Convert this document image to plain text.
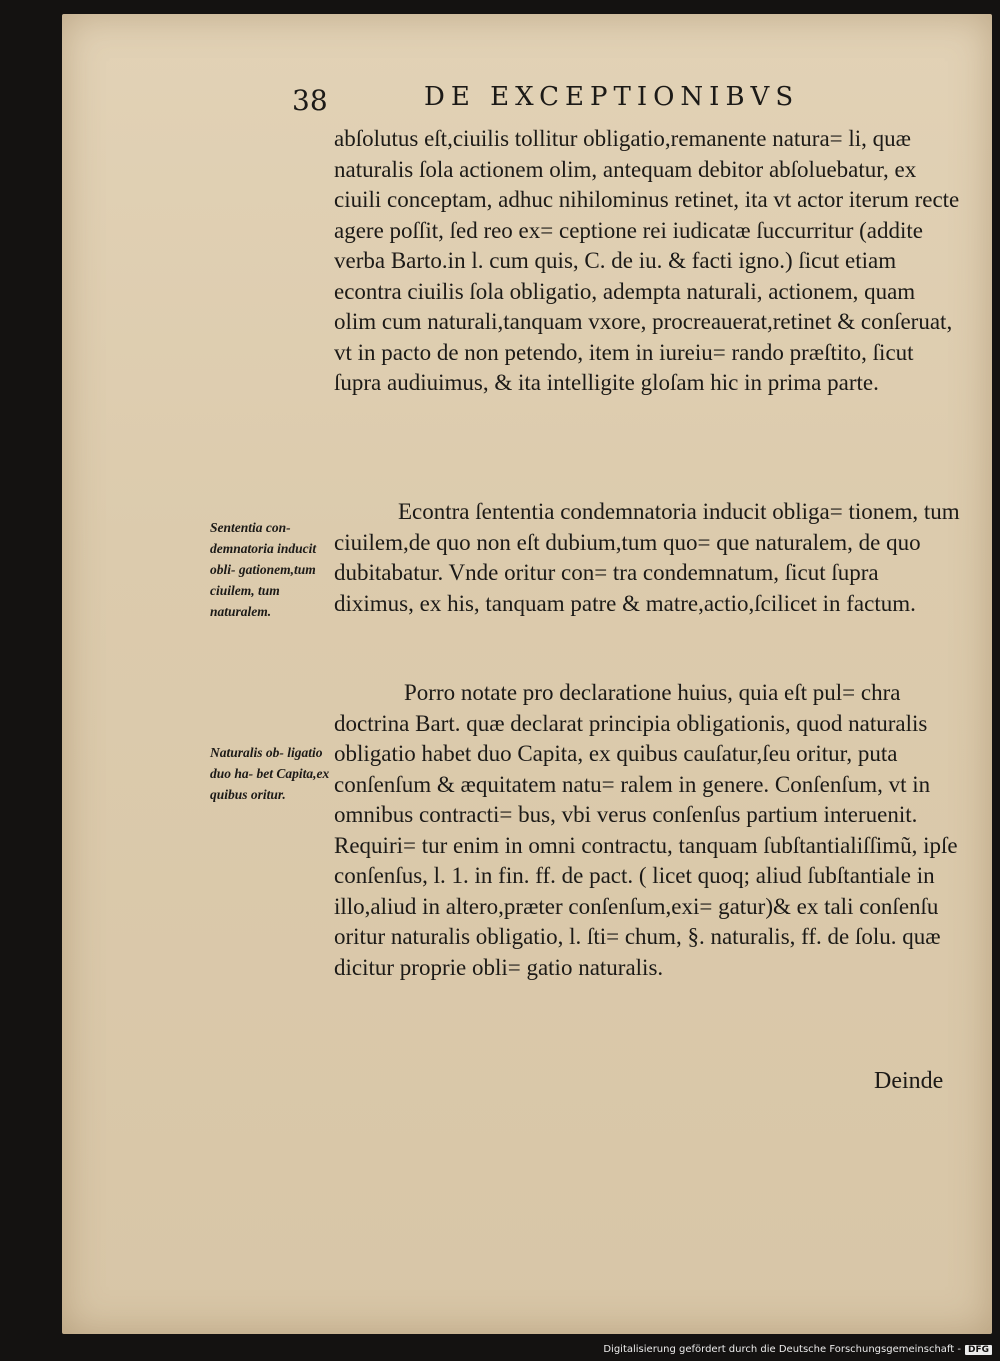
38	DE EXCEPTIONIBVS

abſolutus eſt,ciuilis tollitur obligatio,remanente natura= li, quæ naturalis ſola actionem olim, antequam debitor abſoluebatur, ex ciuili conceptam, adhuc nihilominus retinet, ita vt actor iterum recte agere poſſit, ſed reo ex= ceptione rei iudicatæ ſuccurritur (addite verba Barto.in l. cum quis, C. de iu. & facti igno.) ſicut etiam econtra ciuilis ſola obligatio, adempta naturali, actionem, quam olim cum naturali,tanquam vxore, procreauerat,retinet & conſeruat, vt in pacto de non petendo, item in iureiu= rando præſtito, ſicut ſupra audiuimus, & ita intelligite gloſam hic in prima parte.

Econtra ſententia condemnatoria inducit obliga= tionem, tum ciuilem,de quo non eſt dubium,tum quo= que naturalem, de quo dubitabatur. Vnde oritur con= tra condemnatum, ſicut ſupra diximus, ex his, tanquam patre & matre,actio,ſcilicet in factum.

Porro notate pro declaratione huius, quia eſt pul= chra doctrina Bart. quæ declarat principia obligationis, quod naturalis obligatio habet duo Capita, ex quibus cauſatur,ſeu oritur, puta conſenſum & æquitatem natu= ralem in genere. Conſenſum, vt in omnibus contracti= bus, vbi verus conſenſus partium interuenit. Requiri= tur enim in omni contractu, tanquam ſubſtantialiſſimũ, ipſe conſenſus, l. 1. in fin. ff. de pact. ( licet quoq; aliud ſubſtantiale in illo,aliud in altero,præter conſenſum,exi= gatur)& ex tali conſenſu oritur naturalis obligatio, l. ſti= chum, §. naturalis, ff. de ſolu. quæ dicitur proprie obli= gatio naturalis.

Sententia con- demnatoria inducit obli- gationem,tum ciuilem, tum naturalem.

Naturalis ob- ligatio duo ha- bet Capita,ex quibus oritur.

Deinde
Digitalisierung gefördert durch die Deutsche Forschungsgemeinschaft - DFG
